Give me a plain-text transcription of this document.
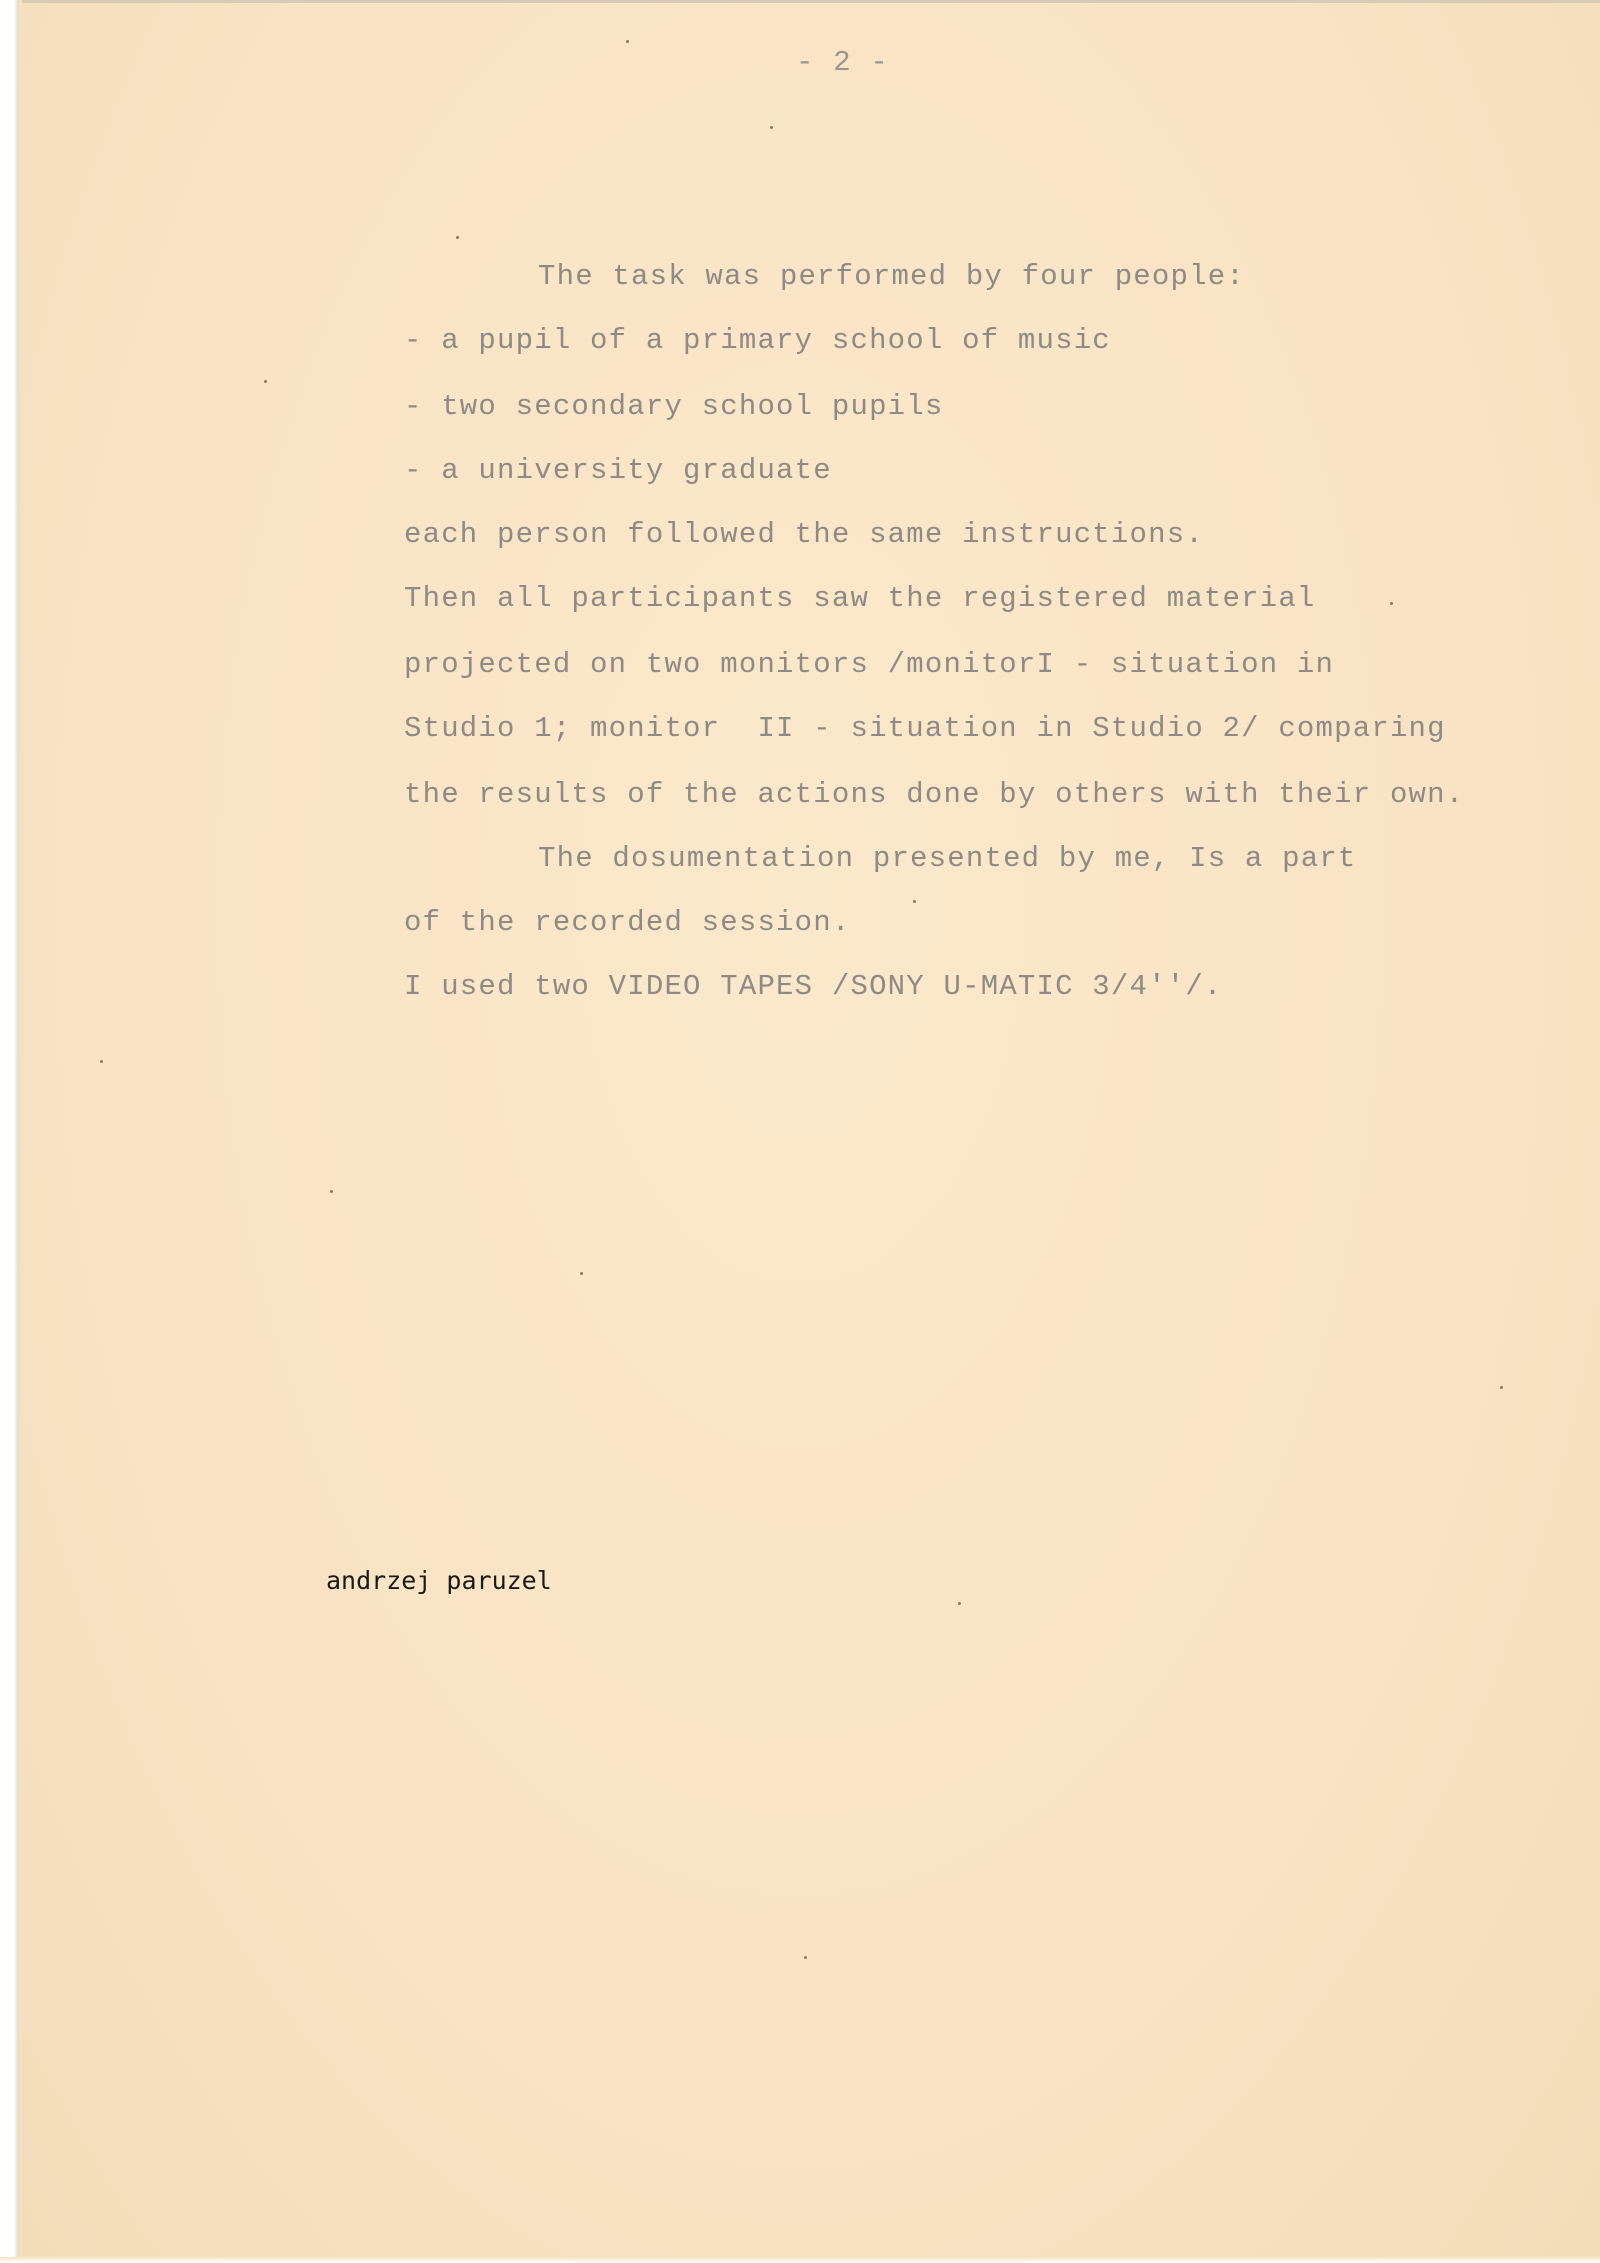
- 2 -
The task was performed by four people:
- a pupil of a primary school of music
- two secondary school pupils
- a university graduate
each person followed the same instructions.
Then all participants saw the registered material
projected on two monitors /monitorI - situation in
Studio 1; monitor  II - situation in Studio 2/ comparing
the results of the actions done by others with their own.
The dosumentation presented by me, Is a part
of the recorded session.
I used two VIDEO TAPES /SONY U-MATIC 3/4''/.
andrzej paruzel
